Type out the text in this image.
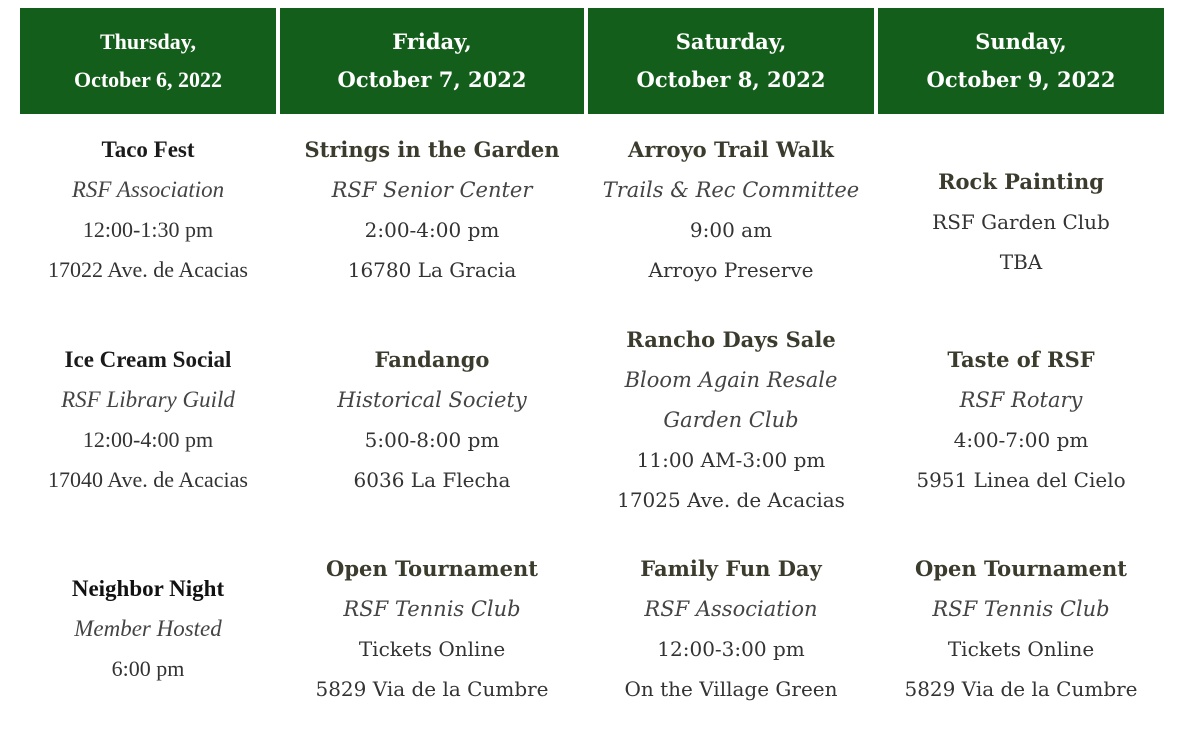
Thursday,
October 6, 2022
Friday,
October 7, 2022
Saturday,
October 8, 2022
Sunday,
October 9, 2022
Taco Fest
RSF Association
12:00-1:30 pm
17022 Ave. de Acacias
Ice Cream Social
RSF Library Guild
12:00-4:00 pm
17040 Ave. de Acacias
Neighbor Night
Member Hosted
6:00 pm
Strings in the Garden
RSF Senior Center
2:00-4:00 pm
16780 La Gracia
Fandango
Historical Society
5:00-8:00 pm
6036 La Flecha
Open Tournament
RSF Tennis Club
Tickets Online
5829 Via de la Cumbre
Arroyo Trail Walk
Trails & Rec Committee
9:00 am
Arroyo Preserve
Rancho Days Sale
Bloom Again Resale
Garden Club
11:00 AM-3:00 pm
17025 Ave. de Acacias
Family Fun Day
RSF Association
12:00-3:00 pm
On the Village Green
Rock Painting
RSF Garden Club
TBA
Taste of RSF
RSF Rotary
4:00-7:00 pm
5951 Linea del Cielo
Open Tournament
RSF Tennis Club
Tickets Online
5829 Via de la Cumbre
